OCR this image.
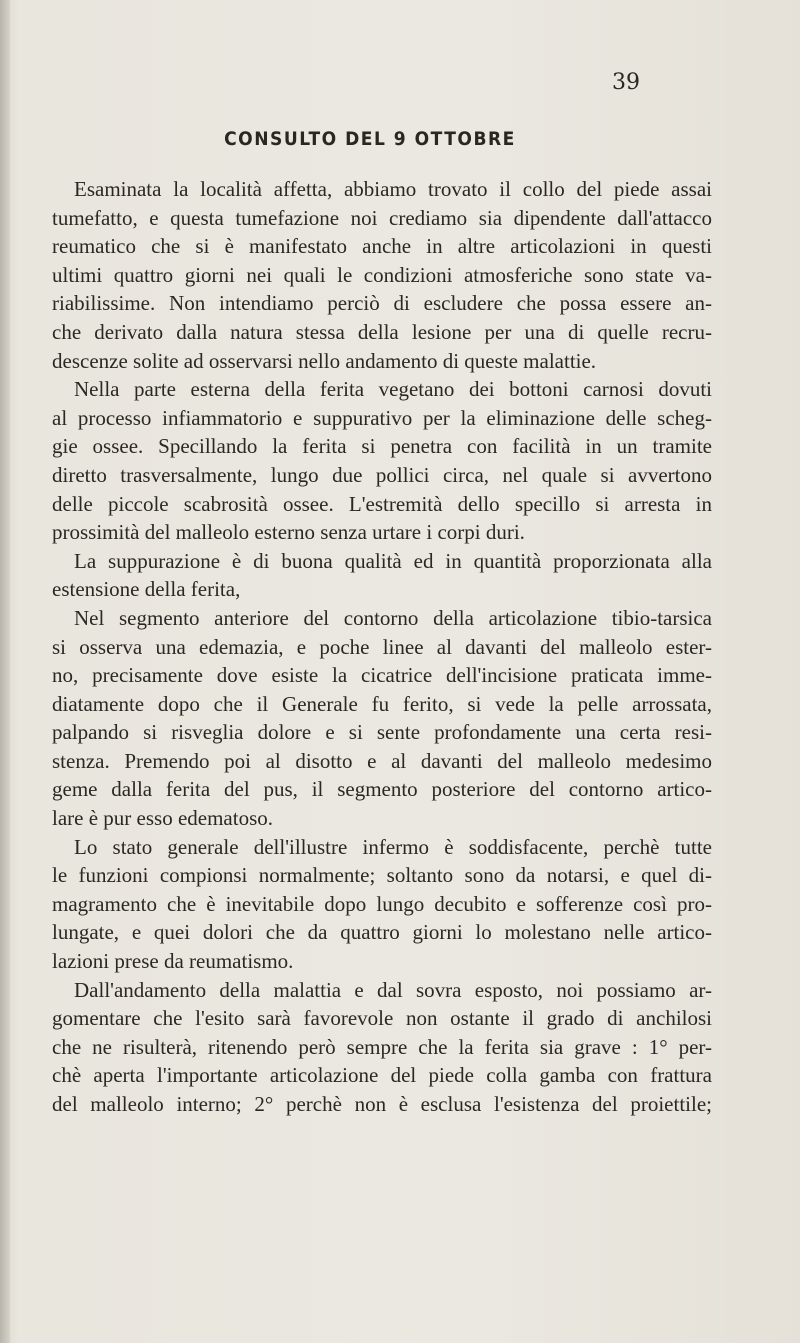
39
CONSULTO DEL 9 OTTOBRE
Esaminata la località affetta, abbiamo trovato il collo del piede assai
tumefatto, e questa tumefazione noi crediamo sia dipendente dall'attacco
reumatico che si è manifestato anche in altre articolazioni in questi
ultimi quattro giorni nei quali le condizioni atmosferiche sono state va-
riabilissime. Non intendiamo perciò di escludere che possa essere an-
che derivato dalla natura stessa della lesione per una di quelle recru-
descenze solite ad osservarsi nello andamento di queste malattie.
Nella parte esterna della ferita vegetano dei bottoni carnosi dovuti
al processo infiammatorio e suppurativo per la eliminazione delle scheg-
gie ossee. Specillando la ferita si penetra con facilità in un tramite
diretto trasversalmente, lungo due pollici circa, nel quale si avvertono
delle piccole scabrosità ossee. L'estremità dello specillo si arresta in
prossimità del malleolo esterno senza urtare i corpi duri.
La suppurazione è di buona qualità ed in quantità proporzionata alla
estensione della ferita,
Nel segmento anteriore del contorno della articolazione tibio-tarsica
si osserva una edemazia, e poche linee al davanti del malleolo ester-
no, precisamente dove esiste la cicatrice dell'incisione praticata imme-
diatamente dopo che il Generale fu ferito, si vede la pelle arrossata,
palpando si risveglia dolore e si sente profondamente una certa resi-
stenza. Premendo poi al disotto e al davanti del malleolo medesimo
geme dalla ferita del pus, il segmento posteriore del contorno artico-
lare è pur esso edematoso.
Lo stato generale dell'illustre infermo è soddisfacente, perchè tutte
le funzioni compionsi normalmente; soltanto sono da notarsi, e quel di-
magramento che è inevitabile dopo lungo decubito e sofferenze così pro-
lungate, e quei dolori che da quattro giorni lo molestano nelle artico-
lazioni prese da reumatismo.
Dall'andamento della malattia e dal sovra esposto, noi possiamo ar-
gomentare che l'esito sarà favorevole non ostante il grado di anchilosi
che ne risulterà, ritenendo però sempre che la ferita sia grave : 1° per-
chè aperta l'importante articolazione del piede colla gamba con frattura
del malleolo interno; 2° perchè non è esclusa l'esistenza del proiettile;
